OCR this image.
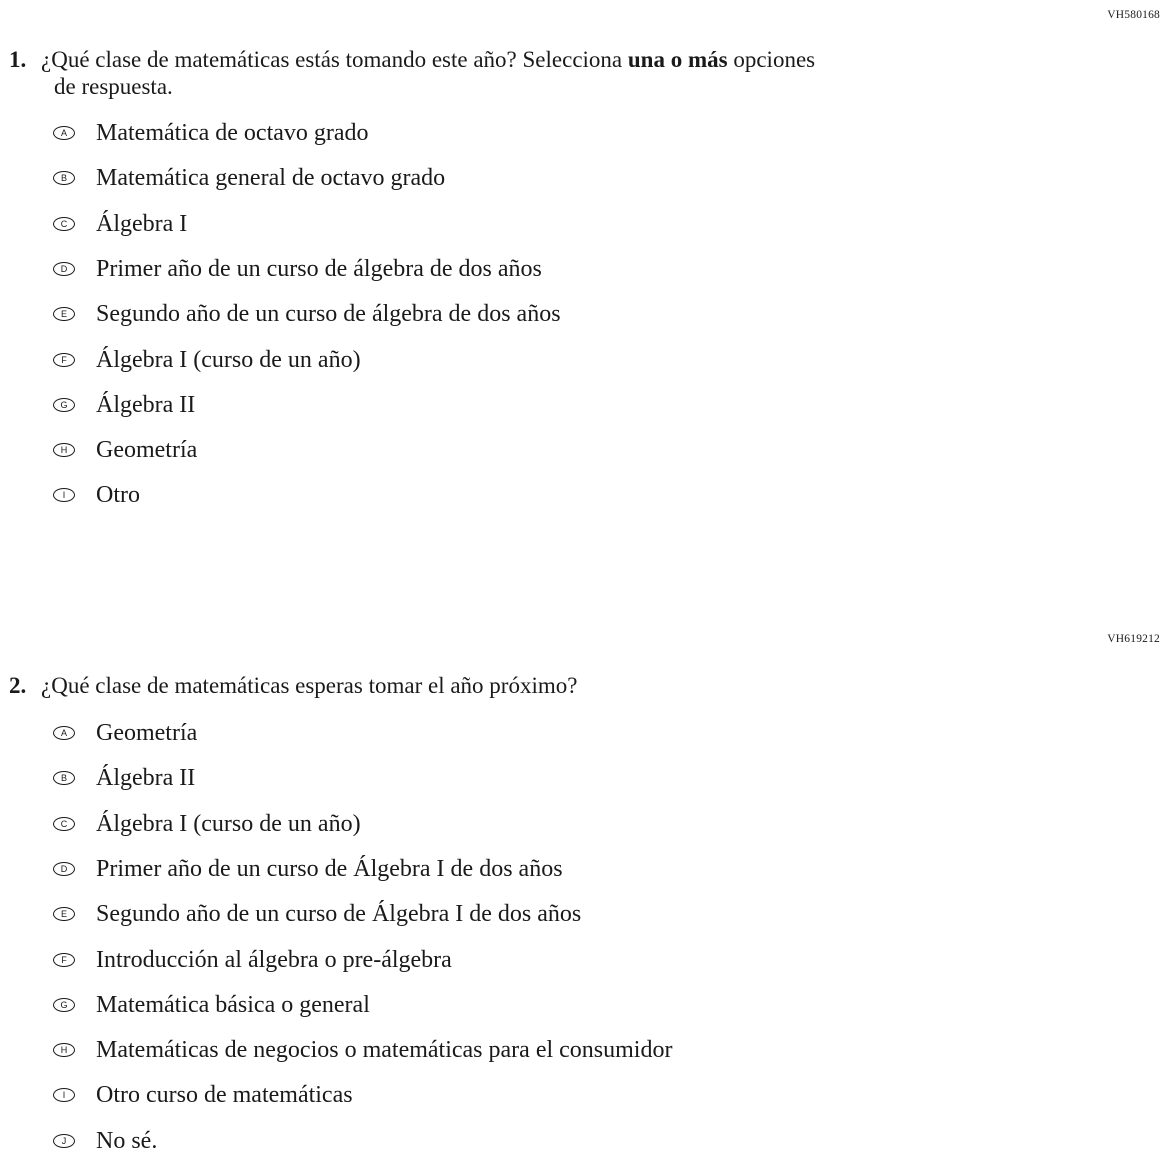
VH580168
1. ¿Qué clase de matemáticas estás tomando este año? Selecciona una o más opciones
de respuesta.
A	Matemática de octavo grado
B	Matemática general de octavo grado
C	Álgebra I
D	Primer año de un curso de álgebra de dos años
E	Segundo año de un curso de álgebra de dos años
F	Álgebra I (curso de un año)
G	Álgebra II
H	Geometría
I	Otro
VH619212
2. ¿Qué clase de matemáticas esperas tomar el año próximo?
A	Geometría
B	Álgebra II
C	Álgebra I (curso de un año)
D	Primer año de un curso de Álgebra I de dos años
E	Segundo año de un curso de Álgebra I de dos años
F	Introducción al álgebra o pre-álgebra
G	Matemática básica o general
H	Matemáticas de negocios o matemáticas para el consumidor
I	Otro curso de matemáticas
J	No sé.
